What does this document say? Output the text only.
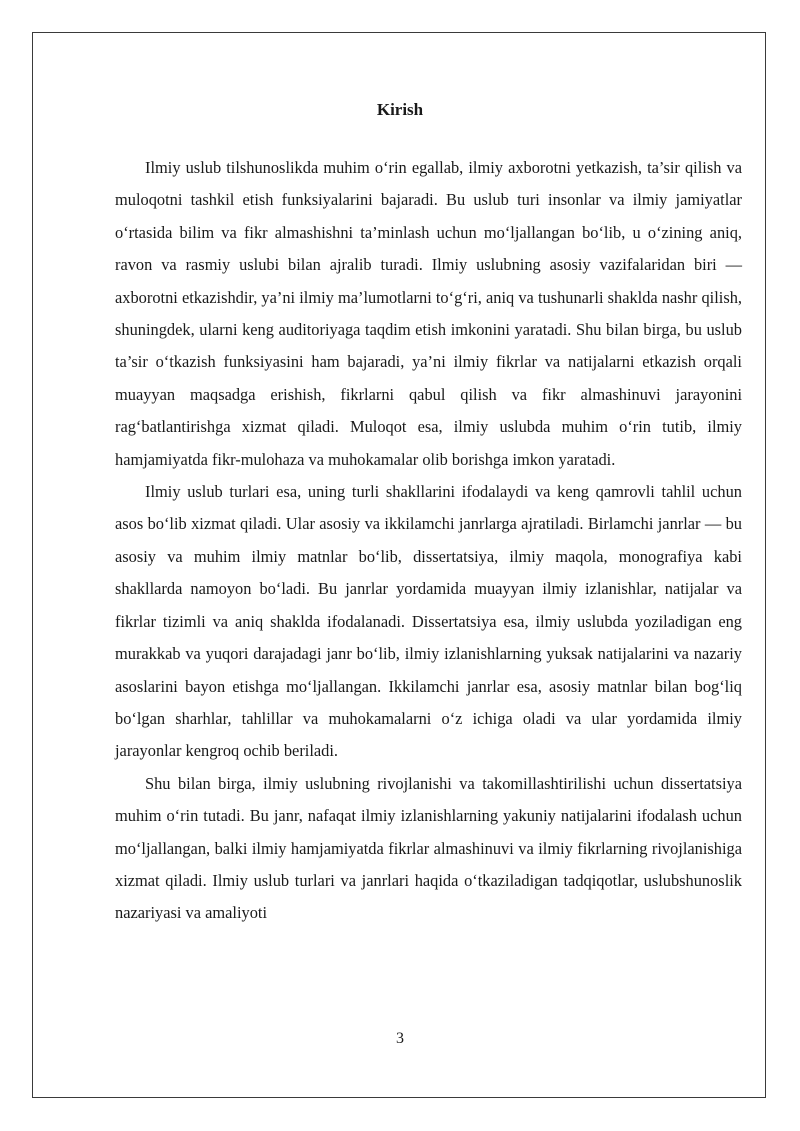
Kirish

Ilmiy uslub tilshunoslikda muhim o‘rin egallab, ilmiy axborotni yetkazish, ta’sir qilish va muloqotni tashkil etish funksiyalarini bajaradi. Bu uslub turi insonlar va ilmiy jamiyatlar o‘rtasida bilim va fikr almashishni ta’minlash uchun mo‘ljallangan bo‘lib, u o‘zining aniq, ravon va rasmiy uslubi bilan ajralib turadi. Ilmiy uslubning asosiy vazifalaridan biri — axborotni etkazishdir, ya’ni ilmiy ma’lumotlarni to‘g‘ri, aniq va tushunarli shaklda nashr qilish, shuningdek, ularni keng auditoriyaga taqdim etish imkonini yaratadi. Shu bilan birga, bu uslub ta’sir o‘tkazish funksiyasini ham bajaradi, ya’ni ilmiy fikrlar va natijalarni etkazish orqali muayyan maqsadga erishish, fikrlarni qabul qilish va fikr almashinuvi jarayonini rag‘batlantirishga xizmat qiladi. Muloqot esa, ilmiy uslubda muhim o‘rin tutib, ilmiy hamjamiyatda fikr-mulohaza va muhokamalar olib borishga imkon yaratadi.

Ilmiy uslub turlari esa, uning turli shakllarini ifodalaydi va keng qamrovli tahlil uchun asos bo‘lib xizmat qiladi. Ular asosiy va ikkilamchi janrlarga ajratiladi. Birlamchi janrlar — bu asosiy va muhim ilmiy matnlar bo‘lib, dissertatsiya, ilmiy maqola, monografiya kabi shakllarda namoyon bo‘ladi. Bu janrlar yordamida muayyan ilmiy izlanishlar, natijalar va fikrlar tizimli va aniq shaklda ifodalanadi. Dissertatsiya esa, ilmiy uslubda yoziladigan eng murakkab va yuqori darajadagi janr bo‘lib, ilmiy izlanishlarning yuksak natijalarini va nazariy asoslarini bayon etishga mo‘ljallangan. Ikkilamchi janrlar esa, asosiy matnlar bilan bog‘liq bo‘lgan sharhlar, tahlillar va muhokamalarni o‘z ichiga oladi va ular yordamida ilmiy jarayonlar kengroq ochib beriladi.

Shu bilan birga, ilmiy uslubning rivojlanishi va takomillashtirilishi uchun dissertatsiya muhim o‘rin tutadi. Bu janr, nafaqat ilmiy izlanishlarning yakuniy natijalarini ifodalash uchun mo‘ljallangan, balki ilmiy hamjamiyatda fikrlar almashinuvi va ilmiy fikrlarning rivojlanishiga xizmat qiladi. Ilmiy uslub turlari va janrlari haqida o‘tkaziladigan tadqiqotlar, uslubshunoslik nazariyasi va amaliyoti

3
